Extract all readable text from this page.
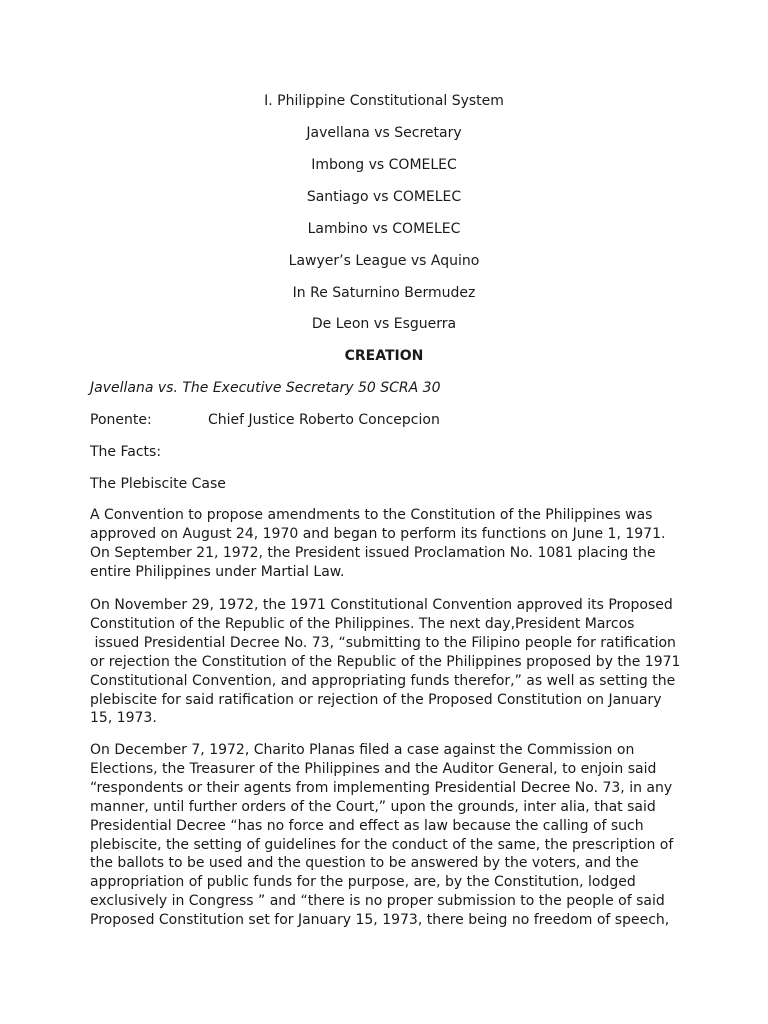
I. Philippine Constitutional System
Javellana vs Secretary
Imbong vs COMELEC
Santiago vs COMELEC
Lambino vs COMELEC
Lawyer’s League vs Aquino
In Re Saturnino Bermudez
De Leon vs Esguerra
CREATION
Javellana vs. The Executive Secretary 50 SCRA 30
Ponente:	Chief Justice Roberto Concepcion
The Facts:
The Plebiscite Case
A Convention to propose amendments to the Constitution of the Philippines was
approved on August 24, 1970 and began to perform its functions on June 1, 1971.
On September 21, 1972, the President issued Proclamation No. 1081 placing the
entire Philippines under Martial Law.
On November 29, 1972, the 1971 Constitutional Convention approved its Proposed
Constitution of the Republic of the Philippines. The next day,President Marcos
issued Presidential Decree No. 73, “submitting to the Filipino people for ratification
or rejection the Constitution of the Republic of the Philippines proposed by the 1971
Constitutional Convention, and appropriating funds therefor,” as well as setting the
plebiscite for said ratification or rejection of the Proposed Constitution on January
15, 1973.
On December 7, 1972, Charito Planas filed a case against the Commission on
Elections, the Treasurer of the Philippines and the Auditor General, to enjoin said
“respondents or their agents from implementing Presidential Decree No. 73, in any
manner, until further orders of the Court,” upon the grounds, inter alia, that said
Presidential Decree “has no force and effect as law because the calling of such
plebiscite, the setting of guidelines for the conduct of the same, the prescription of
the ballots to be used and the question to be answered by the voters, and the
appropriation of public funds for the purpose, are, by the Constitution, lodged
exclusively in Congress ” and “there is no proper submission to the people of said
Proposed Constitution set for January 15, 1973, there being no freedom of speech,
